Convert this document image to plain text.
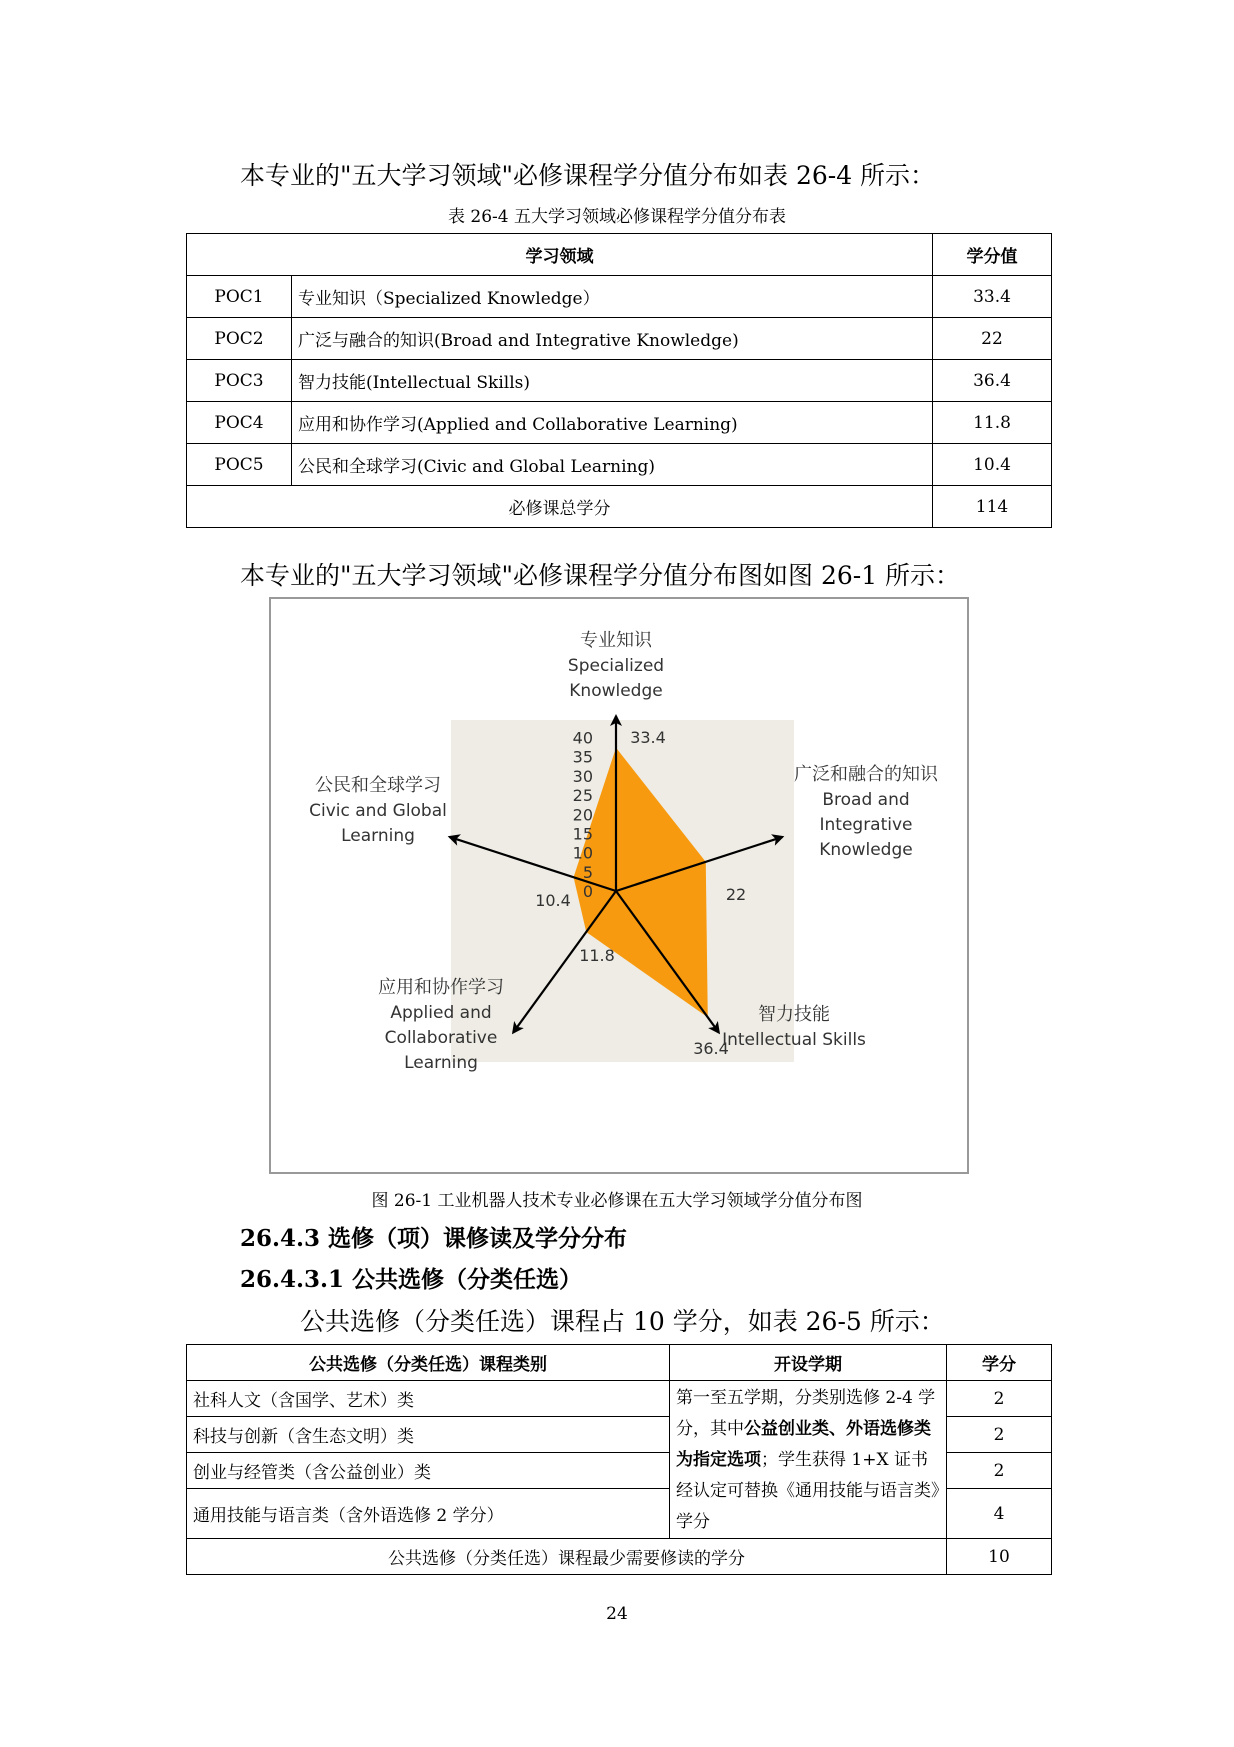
本专业的"五大学习领域"必修课程学分值分布如表 26-4 所示：
表 26-4 五大学习领域必修课程学分值分布表
学习领域		学分值
POC1	专业知识（Specialized Knowledge）	33.4
POC2	广泛与融合的知识(Broad and Integrative Knowledge)	22
POC3	智力技能(Intellectual Skills)	36.4
POC4	应用和协作学习(Applied and Collaborative Learning)	11.8
POC5	公民和全球学习(Civic and Global Learning)	10.4
必修课总学分		114
本专业的"五大学习领域"必修课程学分值分布图如图 26-1 所示：
0
5
10
15
20
25
30
35
40 33.4
22
36.4
11.8
10.4
专业知识
Specialized
Knowledge
广泛和融合的知识
Broad and
Integrative
Knowledge
智力技能
Intellectual Skills
应用和协作学习
Applied and
Collaborative
Learning
公民和全球学习
Civic and Global
Learning
图 26-1 工业机器人技术专业必修课在五大学习领域学分值分布图
26.4.3 选修（项）课修读及学分分布
26.4.3.1 公共选修（分类任选）
公共选修（分类任选）课程占 10 学分，如表 26-5 所示：
公共选修（分类任选）课程类别	开设学期	学分
社科人文（含国学、艺术）类	第一至五学期，分类别选修 2-4 学分，其中公益创业类、外语选修类为指定选项；学生获得 1+X 证书经认定可替换《通用技能与语言类》学分	2
科技与创新（含生态文明）类		2
创业与经管类（含公益创业）类		2
通用技能与语言类（含外语选修 2 学分）		4
公共选修（分类任选）课程最少需要修读的学分		10
24
